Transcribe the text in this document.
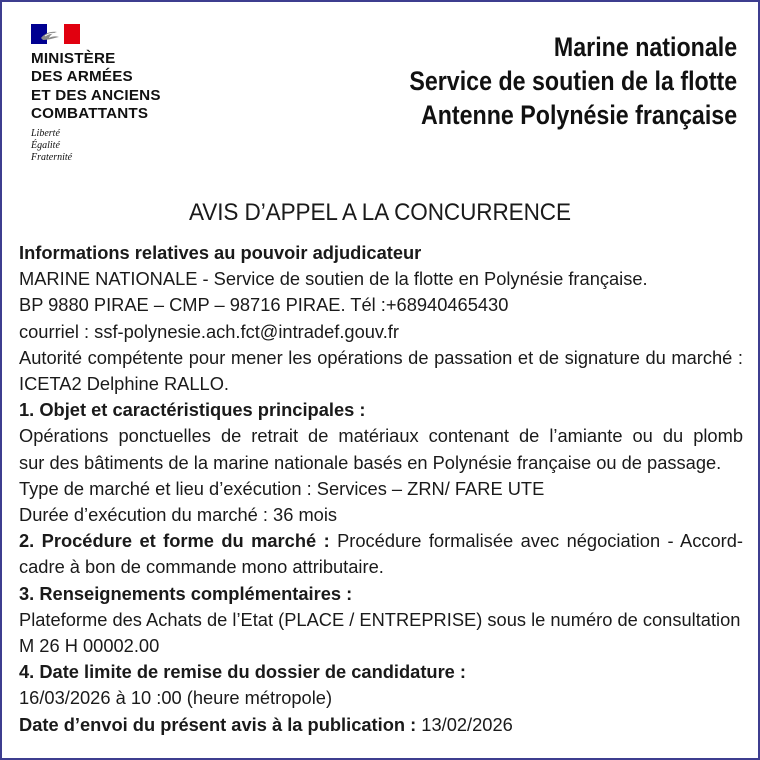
MINISTÈRE
DES ARMÉES
ET DES ANCIENS
COMBATTANTS
Liberté
Égalité
Fraternité
Marine nationale
Service de soutien de la flotte
Antenne Polynésie française
AVIS D’APPEL A LA CONCURRENCE
Informations relatives au pouvoir adjudicateur
MARINE NATIONALE - Service de soutien de la flotte en Polynésie française.
BP 9880 PIRAE – CMP – 98716 PIRAE. Tél :+68940465430
courriel : ssf-polynesie.ach.fct@intradef.gouv.fr
Autorité compétente pour mener les opérations de passation et de signature du marché :
ICETA2 Delphine RALLO.
1. Objet et caractéristiques principales :
Opérations ponctuelles de retrait de matériaux contenant de l’amiante ou du plomb
sur des bâtiments de la marine nationale basés en Polynésie française ou de passage.
Type de marché et lieu d’exécution : Services – ZRN/ FARE UTE
Durée d’exécution du marché : 36 mois
2. Procédure et forme du marché : Procédure formalisée avec négociation - Accord-
cadre à bon de commande mono attributaire.
3. Renseignements complémentaires :
Plateforme des Achats de l’Etat (PLACE / ENTREPRISE) sous le numéro de consultation
M 26 H 00002.00
4. Date limite de remise du dossier de candidature :
16/03/2026 à 10 :00 (heure métropole)
Date d’envoi du présent avis à la publication : 13/02/2026
